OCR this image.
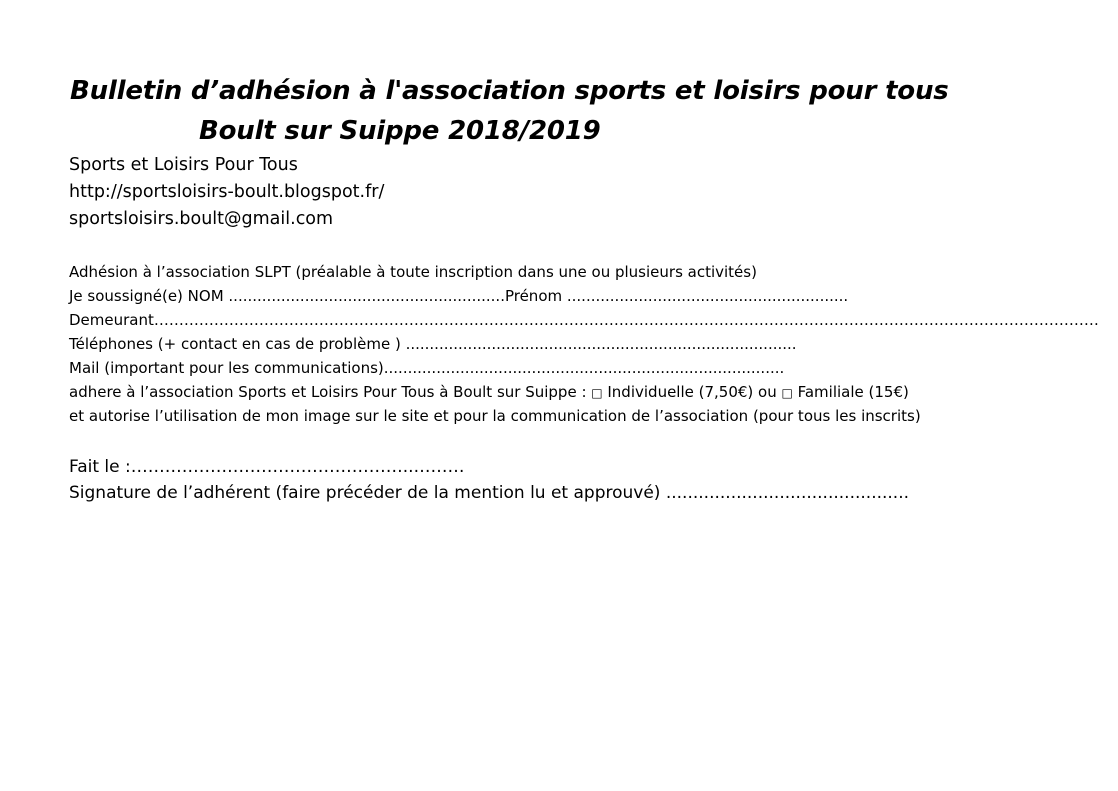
Bulletin d’adhésion à l'association sports et loisirs pour tous
Boult sur Suippe 2018/2019
Sports et Loisirs Pour Tous
http://sportsloisirs-boult.blogspot.fr/
sportsloisirs.boult@gmail.com
Adhésion à l’association SLPT (préalable à toute inscription dans une ou plusieurs activités)
Je soussigné(e) NOM ..........................................................Prénom ...........................................................
Demeurant………………………………………………………………………………………………………………………………………………………………………
Téléphones (+ contact en cas de problème ) ..................................................................................
Mail (important pour les communications)....................................................................................
adhere à l’association Sports et Loisirs Pour Tous à Boult sur Suippe : □ Individuelle (7,50€) ou □ Familiale (15€)
et autorise l’utilisation de mon image sur le site et pour la communication de l’association (pour tous les inscrits)
Fait le :…………………………………………..………
Signature de l’adhérent (faire précéder de la mention lu et approuvé) .............................................
